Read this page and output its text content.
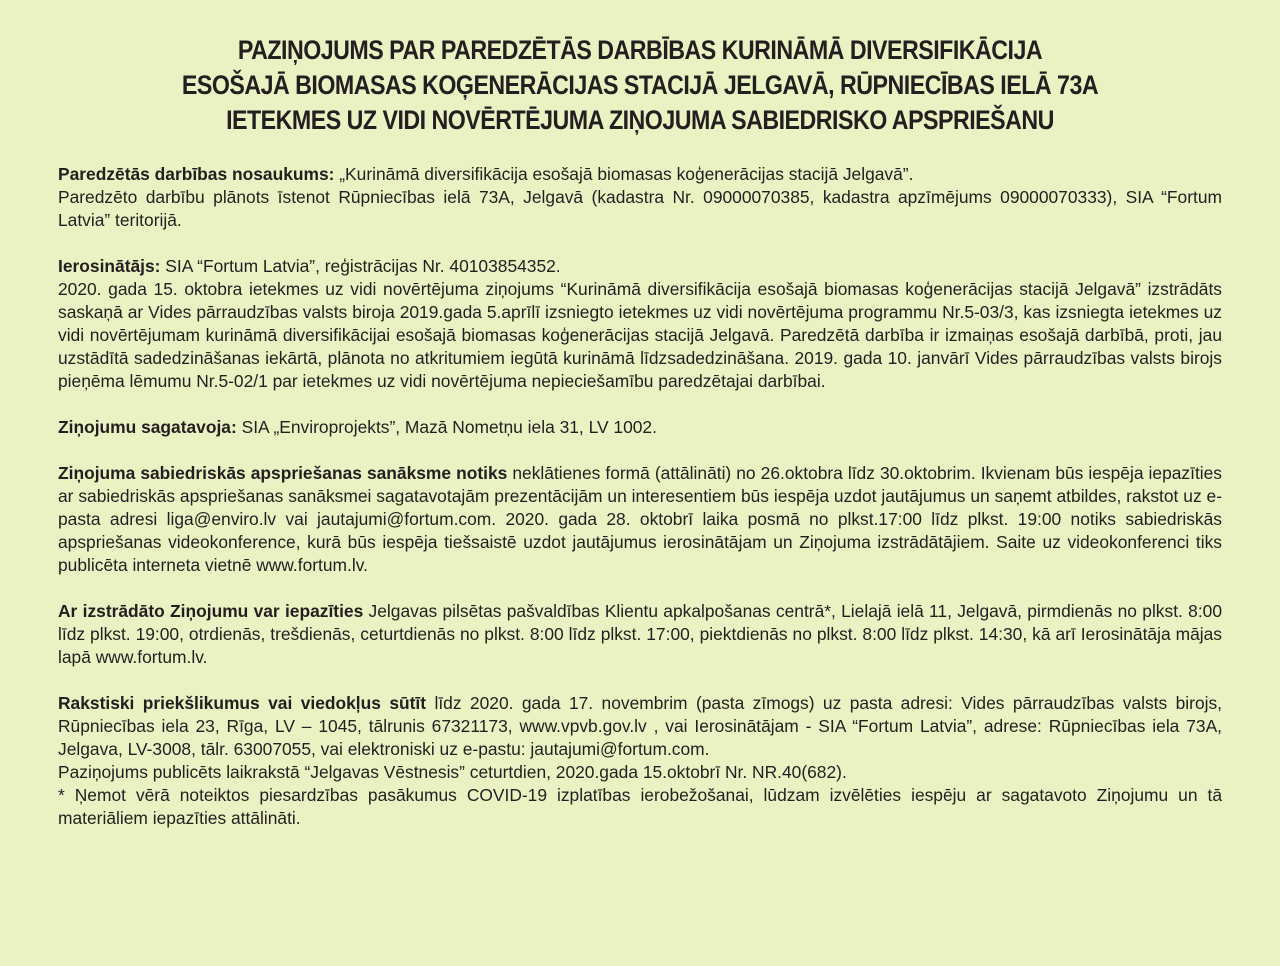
PAZIŅOJUMS PAR PAREDZĒTĀS DARBĪBAS KURINĀMĀ DIVERSIFIKĀCIJA
ESOŠAJĀ BIOMASAS KOĢENERĀCIJAS STACIJĀ JELGAVĀ, RŪPNIECĪBAS IELĀ 73A
IETEKMES UZ VIDI NOVĒRTĒJUMA ZIŅOJUMA SABIEDRISKO APSPRIEŠANU
Paredzētās darbības nosaukums: „Kurināmā diversifikācija esošajā biomasas koģenerācijas stacijā Jelgavā”.
Paredzēto darbību plānots īstenot Rūpniecības ielā 73A, Jelgavā (kadastra Nr. 09000070385, kadastra apzīmējums 09000070333), SIA “Fortum Latvia” teritorijā.
Ierosinātājs: SIA “Fortum Latvia”, reģistrācijas Nr. 40103854352.
2020. gada 15. oktobra ietekmes uz vidi novērtējuma ziņojums “Kurināmā diversifikācija esošajā biomasas koģenerācijas stacijā Jelgavā” izstrādāts saskaņā ar Vides pārraudzības valsts biroja 2019.gada 5.aprīlī izsniegto ietekmes uz vidi novērtējuma programmu Nr.5-03/3, kas izsniegta ietekmes uz vidi novērtējumam kurināmā diversifikācijai esošajā biomasas koģenerācijas stacijā Jelgavā. Paredzētā darbība ir izmaiņas esošajā darbībā, proti, jau uzstādītā sadedzināšanas iekārtā, plānota no atkritumiem iegūtā kurināmā līdzsadedzināšana. 2019. gada 10. janvārī Vides pārraudzības valsts birojs pieņēma lēmumu Nr.5-02/1 par ietekmes uz vidi novērtējuma nepieciešamību paredzētajai darbībai.
Ziņojumu sagatavoja: SIA „Enviroprojekts”, Mazā Nometņu iela 31, LV 1002.
Ziņojuma sabiedriskās apspriešanas sanāksme notiks neklātienes formā (attālināti) no 26.oktobra līdz 30.oktobrim. Ikvienam būs iespēja iepazīties ar sabiedriskās apspriešanas sanāksmei sagatavotajām prezentācijām un interesentiem būs iespēja uzdot jautājumus un saņemt atbildes, rakstot uz e-pasta adresi liga@enviro.lv vai jautajumi@fortum.com. 2020. gada 28. oktobrī laika posmā no plkst.17:00 līdz plkst. 19:00 notiks sabiedriskās apspriešanas videokonference, kurā būs iespēja tiešsaistē uzdot jautājumus ierosinātājam un Ziņojuma izstrādātājiem. Saite uz videokonferenci tiks publicēta interneta vietnē www.fortum.lv.
Ar izstrādāto Ziņojumu var iepazīties Jelgavas pilsētas pašvaldības Klientu apkalpošanas centrā*, Lielajā ielā 11, Jelgavā, pirmdienās no plkst. 8:00 līdz plkst. 19:00, otrdienās, trešdienās, ceturtdienās no plkst. 8:00 līdz plkst. 17:00, piektdienās no plkst. 8:00 līdz plkst. 14:30, kā arī Ierosinātāja mājas lapā www.fortum.lv.
Rakstiski priekšlikumus vai viedokļus sūtīt līdz 2020. gada 17. novembrim (pasta zīmogs) uz pasta adresi: Vides pārraudzības valsts birojs, Rūpniecības iela 23, Rīga, LV – 1045, tālrunis 67321173, www.vpvb.gov.lv , vai Ierosinātājam - SIA “Fortum Latvia”, adrese: Rūpniecības iela 73A, Jelgava, LV-3008, tālr. 63007055, vai elektroniski uz e-pastu: jautajumi@fortum.com.
Paziņojums publicēts laikrakstā “Jelgavas Vēstnesis” ceturtdien, 2020.gada 15.oktobrī Nr. NR.40(682).
* Ņemot vērā noteiktos piesardzības pasākumus COVID-19 izplatības ierobežošanai, lūdzam izvēlēties iespēju ar sagatavoto Ziņojumu un tā materiāliem iepazīties attālināti.
